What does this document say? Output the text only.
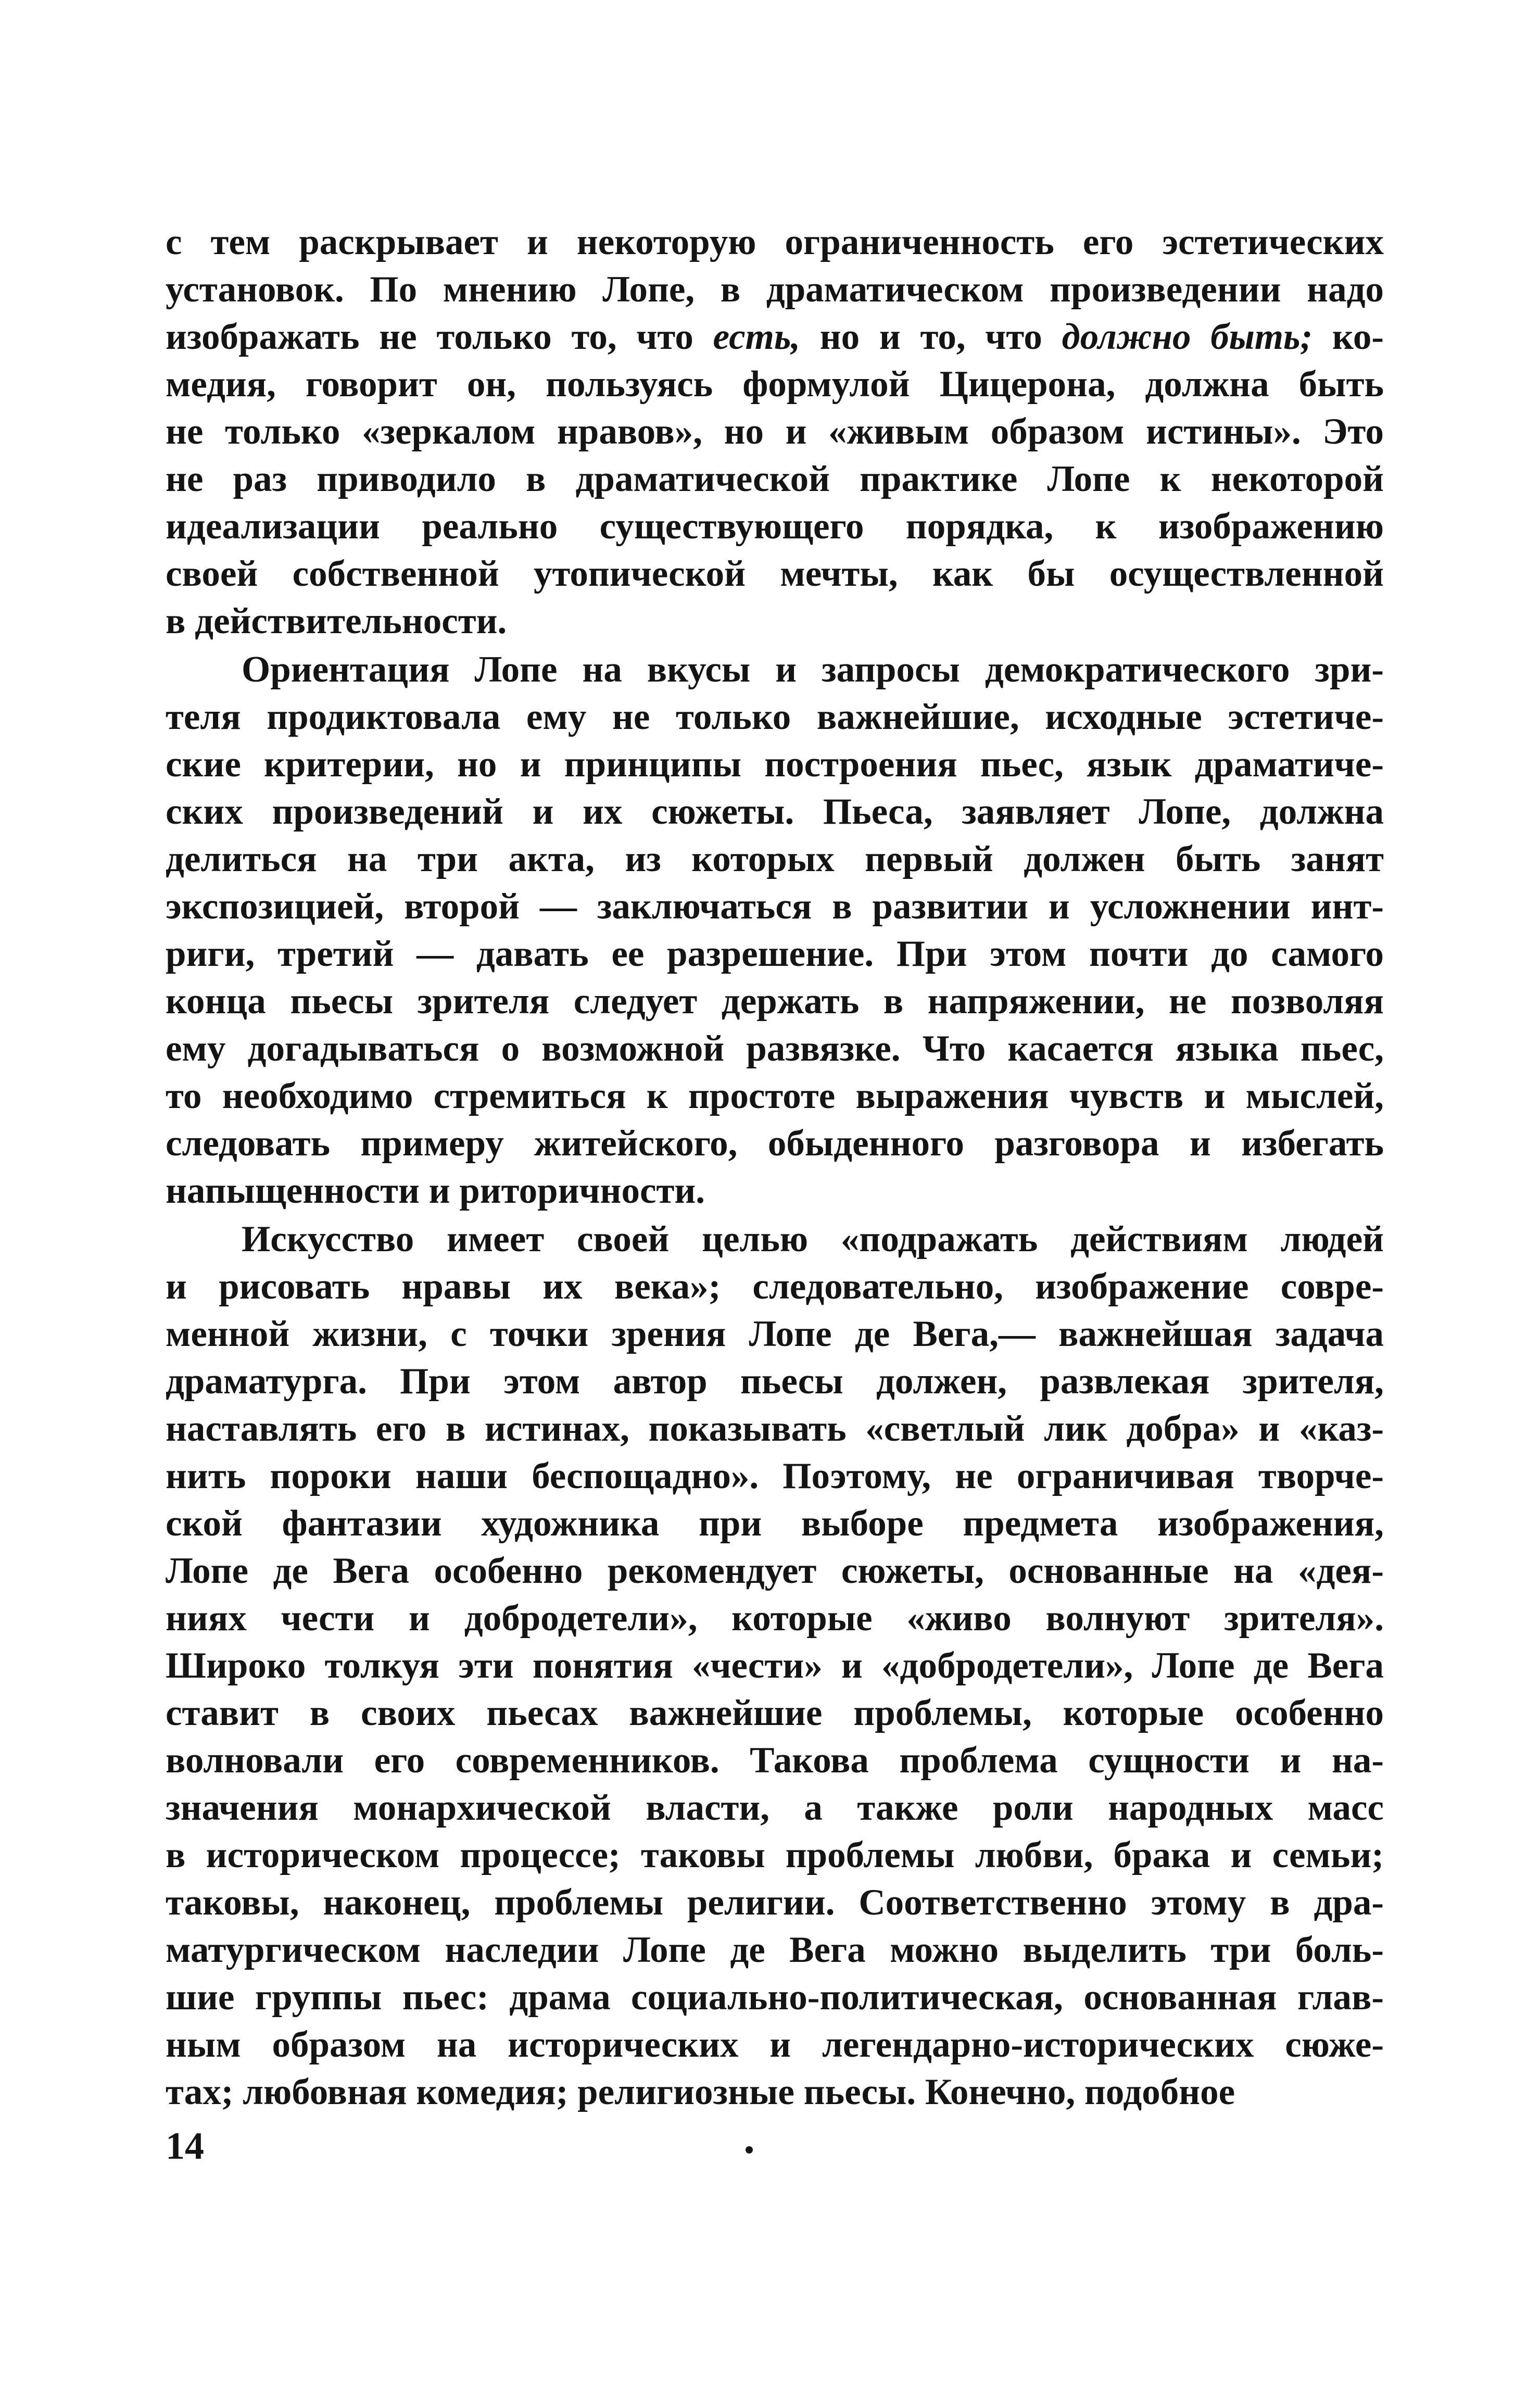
с тем раскрывает и некоторую ограниченность его эстетических
установок. По мнению Лопе, в драматическом произведении надо
изображать не только то, что есть, но и то, что должно быть; ко-
медия, говорит он, пользуясь формулой Цицерона, должна быть
не только «зеркалом нравов», но и «живым образом истины». Это
не раз приводило в драматической практике Лопе к некоторой
идеализации реально существующего порядка, к изображению
своей собственной утопической мечты, как бы осуществленной
в действительности.
Ориентация Лопе на вкусы и запросы демократического зри-
теля продиктовала ему не только важнейшие, исходные эстетиче-
ские критерии, но и принципы построения пьес, язык драматиче-
ских произведений и их сюжеты. Пьеса, заявляет Лопе, должна
делиться на три акта, из которых первый должен быть занят
экспозицией, второй — заключаться в развитии и усложнении инт-
риги, третий — давать ее разрешение. При этом почти до самого
конца пьесы зрителя следует держать в напряжении, не позволяя
ему догадываться о возможной развязке. Что касается языка пьес,
то необходимо стремиться к простоте выражения чувств и мыслей,
следовать примеру житейского, обыденного разговора и избегать
напыщенности и риторичности.
Искусство имеет своей целью «подражать действиям людей
и рисовать нравы их века»; следовательно, изображение совре-
менной жизни, с точки зрения Лопе де Вега,— важнейшая задача
драматурга. При этом автор пьесы должен, развлекая зрителя,
наставлять его в истинах, показывать «светлый лик добра» и «каз-
нить пороки наши беспощадно». Поэтому, не ограничивая творче-
ской фантазии художника при выборе предмета изображения,
Лопе де Вега особенно рекомендует сюжеты, основанные на «дея-
ниях чести и добродетели», которые «живо волнуют зрителя».
Широко толкуя эти понятия «чести» и «добродетели», Лопе де Вега
ставит в своих пьесах важнейшие проблемы, которые особенно
волновали его современников. Такова проблема сущности и на-
значения монархической власти, а также роли народных масс
в историческом процессе; таковы проблемы любви, брака и семьи;
таковы, наконец, проблемы религии. Соответственно этому в дра-
матургическом наследии Лопе де Вега можно выделить три боль-
шие группы пьес: драма социально-политическая, основанная глав-
ным образом на исторических и легендарно-исторических сюже-
тах; любовная комедия; религиозные пьесы. Конечно, подобное
14
